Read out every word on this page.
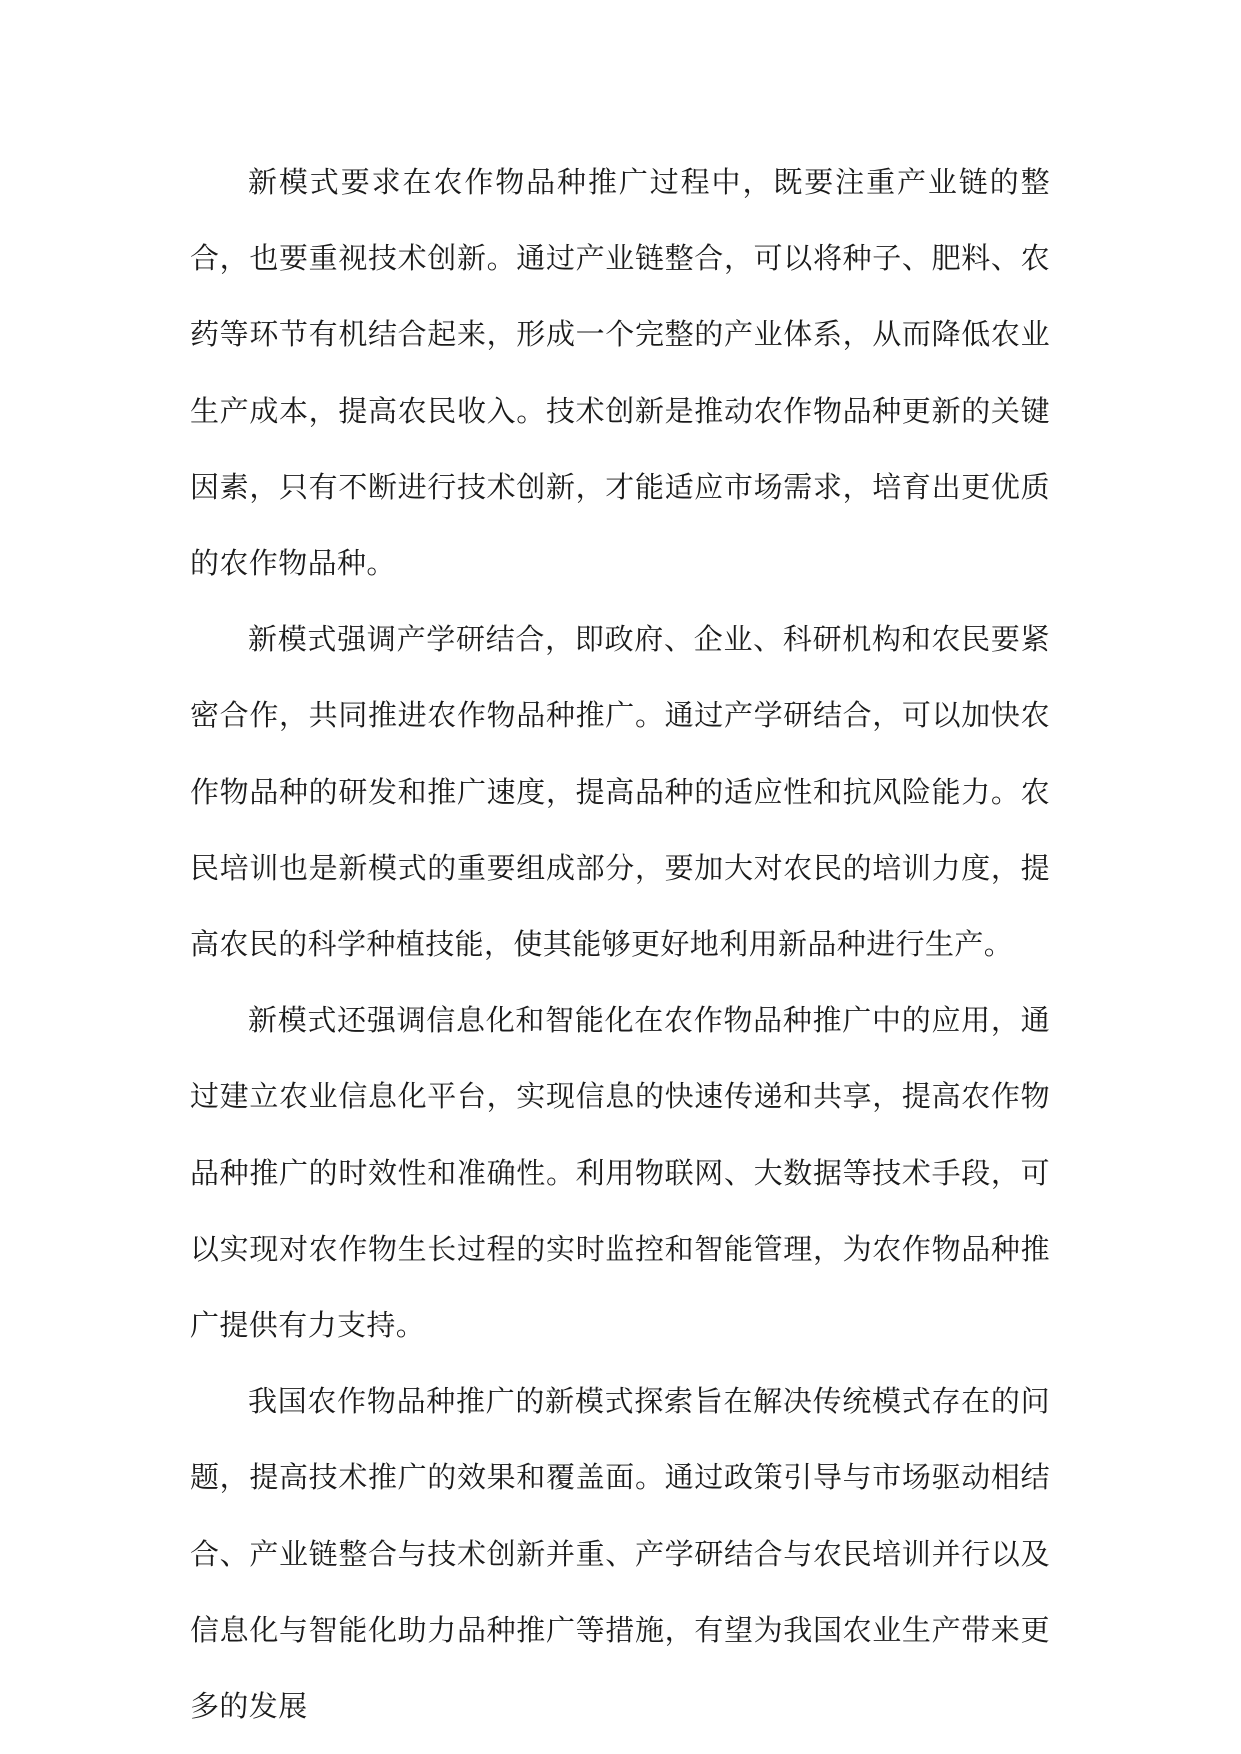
新模式要求在农作物品种推广过程中，既要注重产业链的整合，也要重视技术创新。通过产业链整合，可以将种子、肥料、农药等环节有机结合起来，形成一个完整的产业体系，从而降低农业生产成本，提高农民收入。技术创新是推动农作物品种更新的关键因素，只有不断进行技术创新，才能适应市场需求，培育出更优质的农作物品种。

新模式强调产学研结合，即政府、企业、科研机构和农民要紧密合作，共同推进农作物品种推广。通过产学研结合，可以加快农作物品种的研发和推广速度，提高品种的适应性和抗风险能力。农民培训也是新模式的重要组成部分，要加大对农民的培训力度，提高农民的科学种植技能，使其能够更好地利用新品种进行生产。

新模式还强调信息化和智能化在农作物品种推广中的应用，通过建立农业信息化平台，实现信息的快速传递和共享，提高农作物品种推广的时效性和准确性。利用物联网、大数据等技术手段，可以实现对农作物生长过程的实时监控和智能管理，为农作物品种推广提供有力支持。

我国农作物品种推广的新模式探索旨在解决传统模式存在的问题，提高技术推广的效果和覆盖面。通过政策引导与市场驱动相结合、产业链整合与技术创新并重、产学研结合与农民培训并行以及信息化与智能化助力品种推广等措施，有望为我国农业生产带来更多的发展
